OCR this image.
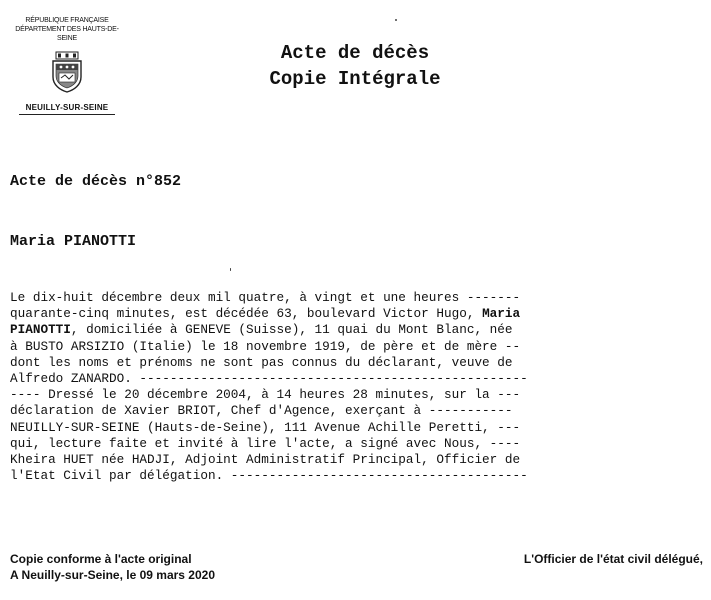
RÉPUBLIQUE FRANÇAISE
DÉPARTEMENT DES HAUTS-DE-SEINE
NEUILLY-SUR-SEINE
Acte de décès
Copie Intégrale
Acte de décès n°852
Maria PIANOTTI
Le dix-huit décembre deux mil quatre, à vingt et une heures -------
quarante-cinq minutes, est décédée 63, boulevard Victor Hugo, Maria
PIANOTTI, domiciliée à GENEVE (Suisse), 11 quai du Mont Blanc, née
à BUSTO ARSIZIO (Italie) le 18 novembre 1919, de père et de mère --
dont les noms et prénoms ne sont pas connus du déclarant, veuve de
Alfredo ZANARDO. ---------------------------------------------------
---- Dressé le 20 décembre 2004, à 14 heures 28 minutes, sur la ---
déclaration de Xavier BRIOT, Chef d'Agence, exerçant à -----------
NEUILLY-SUR-SEINE (Hauts-de-Seine), 111 Avenue Achille Peretti, ---
qui, lecture faite et invité à lire l'acte, a signé avec Nous, ----
Kheira HUET née HADJI, Adjoint Administratif Principal, Officier de
l'Etat Civil par délégation. ---------------------------------------
Copie conforme à l'acte original
A Neuilly-sur-Seine, le 09 mars 2020
L'Officier de l'état civil délégué,
